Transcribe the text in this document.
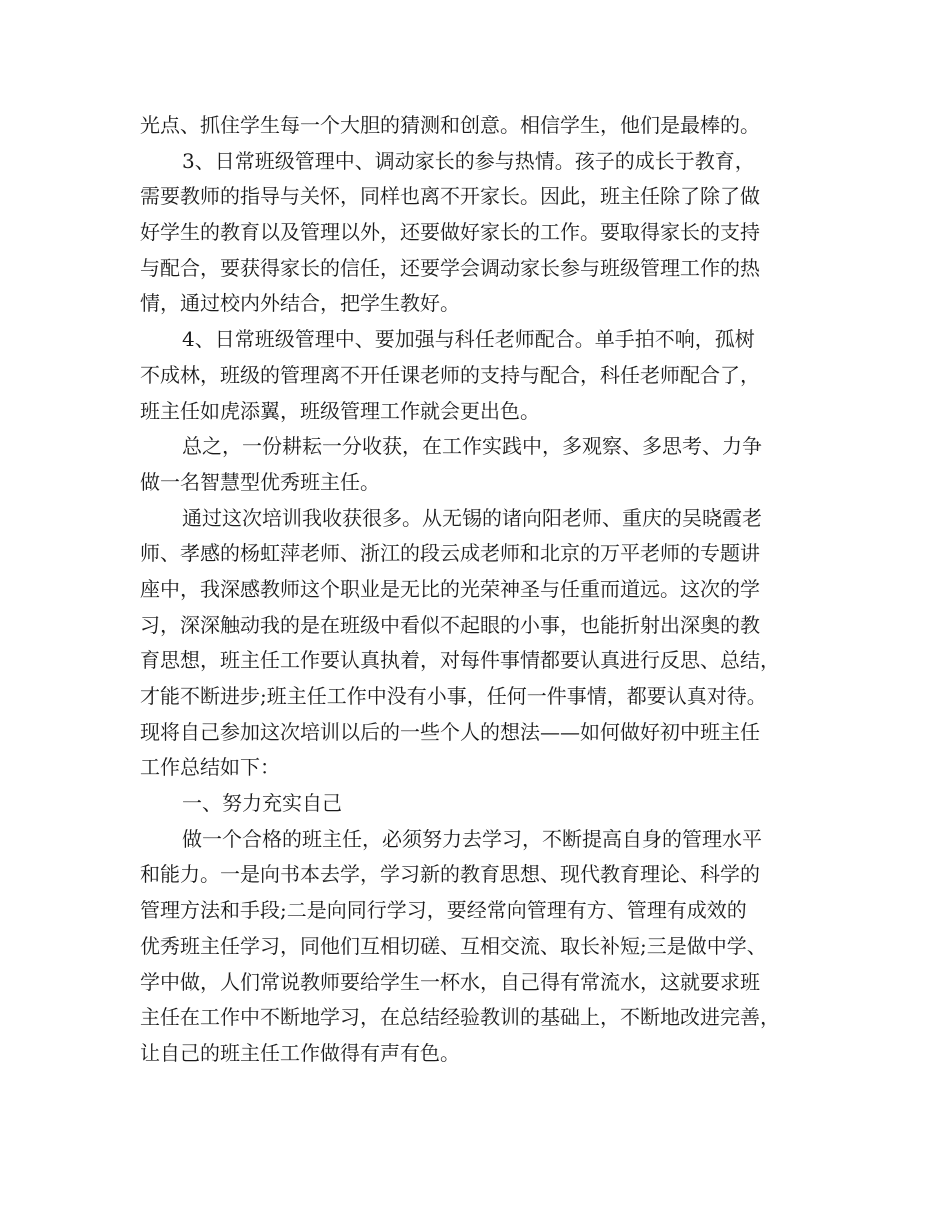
光点、抓住学生每一个大胆的猜测和创意。相信学生，他们是最棒的。
3、日常班级管理中、调动家长的参与热情。孩子的成长于教育，
需要教师的指导与关怀，同样也离不开家长。因此，班主任除了除了做
好学生的教育以及管理以外，还要做好家长的工作。要取得家长的支持
与配合，要获得家长的信任，还要学会调动家长参与班级管理工作的热
情，通过校内外结合，把学生教好。
4、日常班级管理中、要加强与科任老师配合。单手拍不响，孤树
不成林，班级的管理离不开任课老师的支持与配合，科任老师配合了，
班主任如虎添翼，班级管理工作就会更出色。
总之，一份耕耘一分收获，在工作实践中，多观察、多思考、力争
做一名智慧型优秀班主任。
通过这次培训我收获很多。从无锡的诸向阳老师、重庆的吴晓霞老
师、孝感的杨虹萍老师、浙江的段云成老师和北京的万平老师的专题讲
座中，我深感教师这个职业是无比的光荣神圣与任重而道远。这次的学
习，深深触动我的是在班级中看似不起眼的小事，也能折射出深奥的教
育思想，班主任工作要认真执着，对每件事情都要认真进行反思、总结，
才能不断进步;班主任工作中没有小事，任何一件事情，都要认真对待。
现将自己参加这次培训以后的一些个人的想法——如何做好初中班主任
工作总结如下：
一、努力充实自己
做一个合格的班主任，必须努力去学习，不断提高自身的管理水平
和能力。一是向书本去学，学习新的教育思想、现代教育理论、科学的
管理方法和手段;二是向同行学习，要经常向管理有方、管理有成效的
优秀班主任学习，同他们互相切磋、互相交流、取长补短;三是做中学、
学中做，人们常说教师要给学生一杯水，自己得有常流水，这就要求班
主任在工作中不断地学习，在总结经验教训的基础上，不断地改进完善，
让自己的班主任工作做得有声有色。
